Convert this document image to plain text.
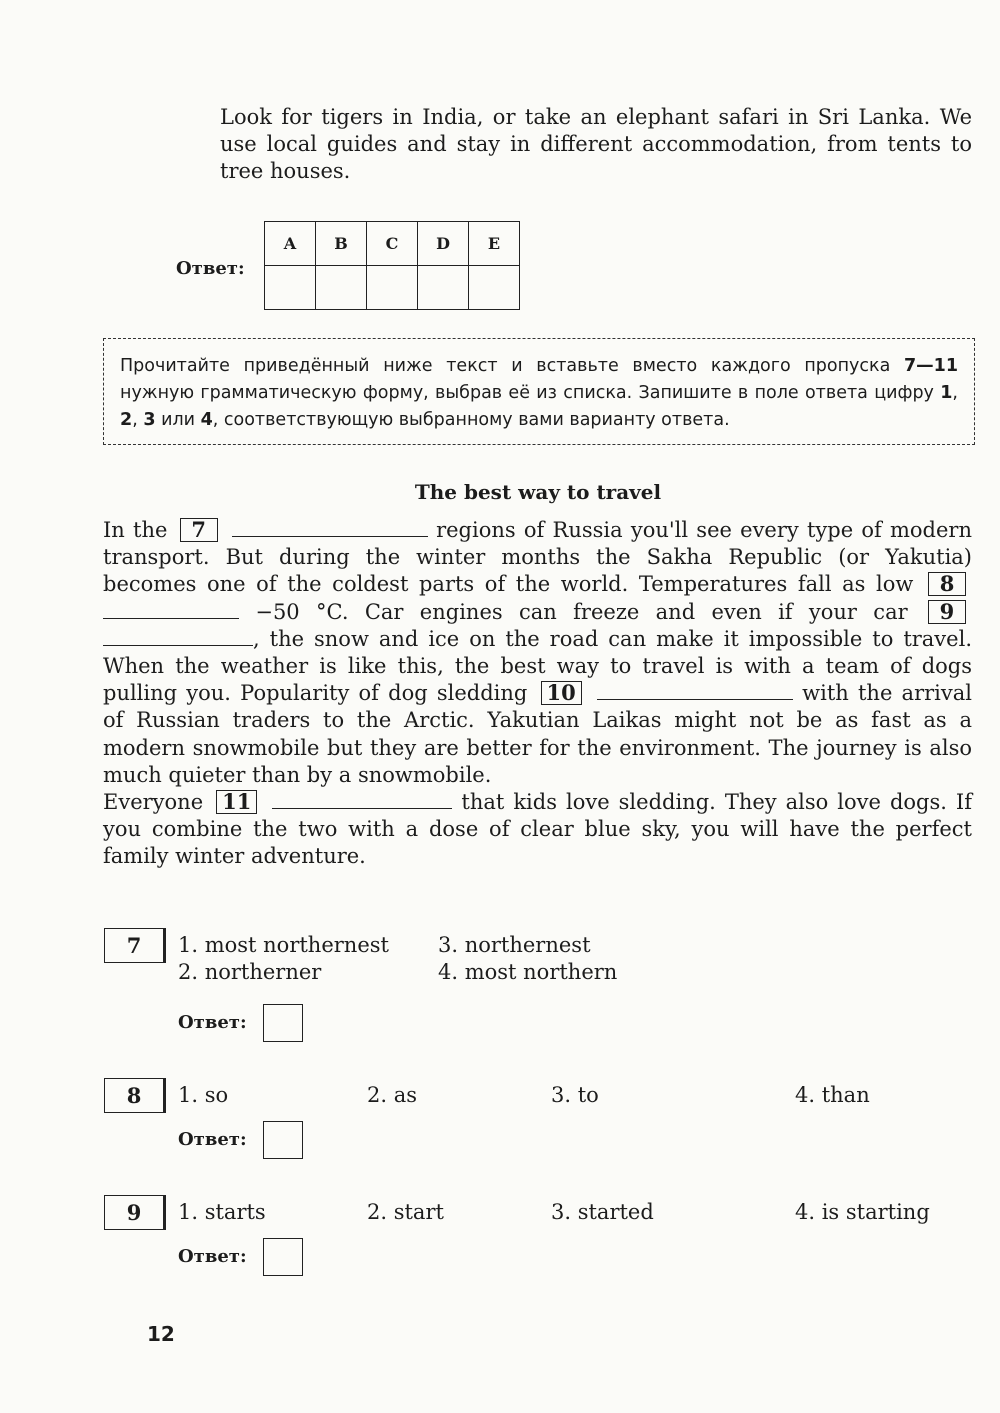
Look for tigers in India, or take an elephant safari in Sri Lanka. We use local guides and stay in different accommodation, from tents to tree houses.
Ответ:
A	B	C	D	E

Прочитайте приведённый ниже текст и вставьте вместо каждого пропуска 7—11 нужную грамматическую форму, выбрав её из списка. Запишите в поле ответа цифру 1, 2, 3 или 4, соответствующую выбранному вами варианту ответа.
The best way to travel

In the 7	regions of Russia you'll see every type of modern transport. But during the winter months the Sakha Republic (or Yakutia) becomes one of the coldest parts of the world. Temperatures fall as low 8  −50 °C. Car engines can freeze and even if your car 9 , the snow and ice on the road can make it impossible to travel. When the weather is like this, the best way to travel is with a team of dogs pulling you. Popularity of dog sledding 10	with the arrival of Russian traders to the Arctic. Yakutian Laikas might not be as fast as a modern snowmobile but they are better for the environment. The journey is also much quieter than by a snowmobile.

Everyone 11	that kids love sledding. They also love dogs. If you combine the two with a dose of clear blue sky, you will have the perfect family winter adventure.

7	1. most northernest
2. northerner
3. northernest
4. most northern
Ответ:
8	1. so	2. as	3. to	4. than
Ответ:
9	1. starts	2. start	3. started	4. is starting
Ответ:
12
